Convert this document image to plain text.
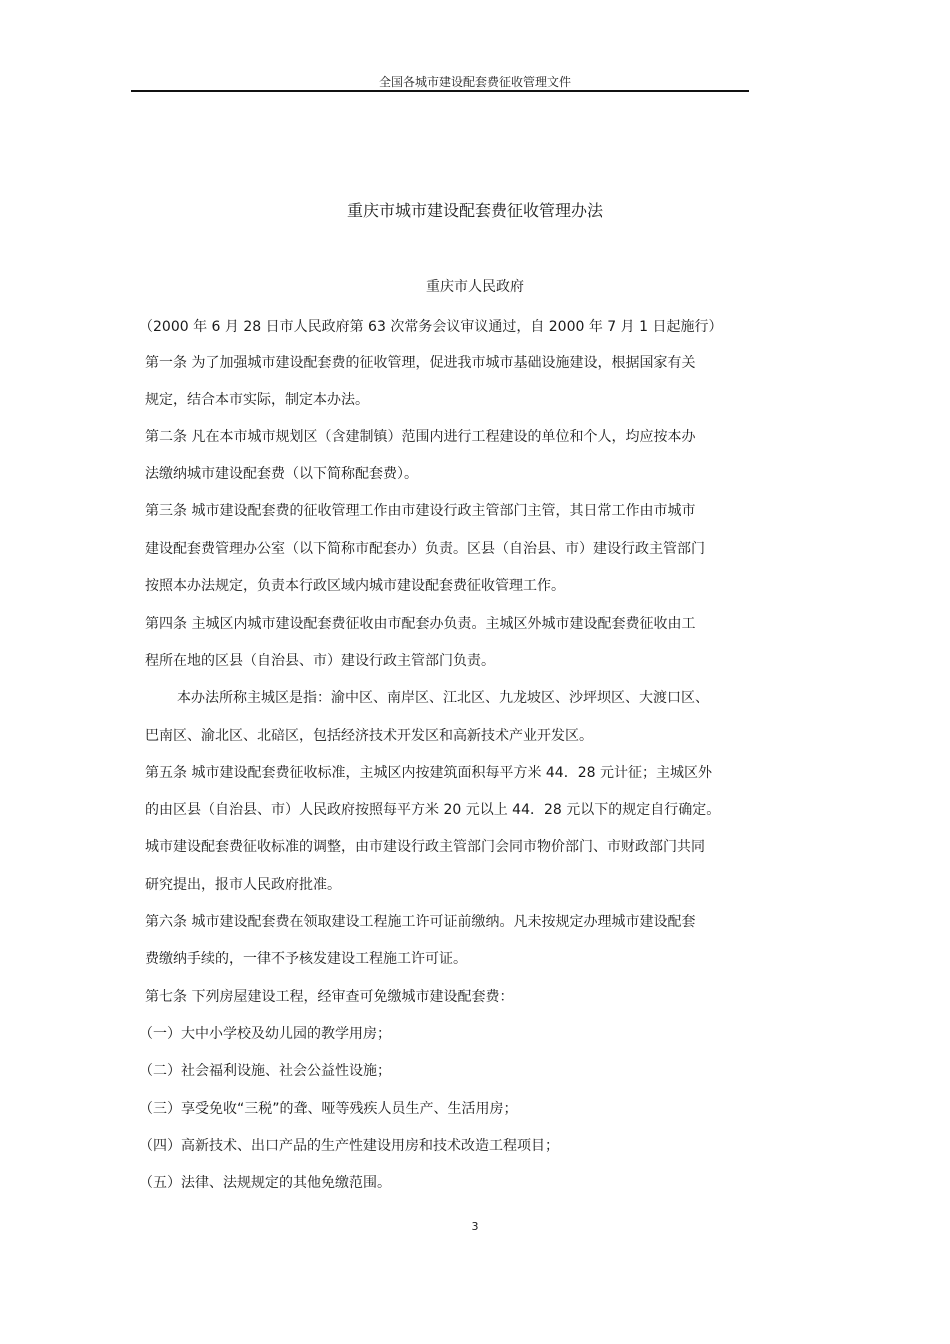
全国各城市建设配套费征收管理文件
重庆市城市建设配套费征收管理办法
重庆市人民政府
（2000 年 6 月 28 日市人民政府第 63 次常务会议审议通过，自 2000 年 7 月 1 日起施行）
第一条 为了加强城市建设配套费的征收管理，促进我市城市基础设施建设，根据国家有关
规定，结合本市实际，制定本办法。
第二条 凡在本市城市规划区（含建制镇）范围内进行工程建设的单位和个人，均应按本办
法缴纳城市建设配套费（以下简称配套费）。
第三条 城市建设配套费的征收管理工作由市建设行政主管部门主管，其日常工作由市城市
建设配套费管理办公室（以下简称市配套办）负责。区县（自治县、市）建设行政主管部门
按照本办法规定，负责本行政区域内城市建设配套费征收管理工作。
第四条 主城区内城市建设配套费征收由市配套办负责。主城区外城市建设配套费征收由工
程所在地的区县（自治县、市）建设行政主管部门负责。
本办法所称主城区是指：渝中区、南岸区、江北区、九龙坡区、沙坪坝区、大渡口区、
巴南区、渝北区、北碚区，包括经济技术开发区和高新技术产业开发区。
第五条 城市建设配套费征收标准，主城区内按建筑面积每平方米 44．28 元计征；主城区外
的由区县（自治县、市）人民政府按照每平方米 20 元以上 44．28 元以下的规定自行确定。
城市建设配套费征收标准的调整，由市建设行政主管部门会同市物价部门、市财政部门共同
研究提出，报市人民政府批准。
第六条 城市建设配套费在领取建设工程施工许可证前缴纳。凡未按规定办理城市建设配套
费缴纳手续的，一律不予核发建设工程施工许可证。
第七条 下列房屋建设工程，经审查可免缴城市建设配套费：
（一）大中小学校及幼儿园的教学用房；
（二）社会福利设施、社会公益性设施；
（三）享受免收“三税”的聋、哑等残疾人员生产、生活用房；
（四）高新技术、出口产品的生产性建设用房和技术改造工程项目；
（五）法律、法规规定的其他免缴范围。
3
